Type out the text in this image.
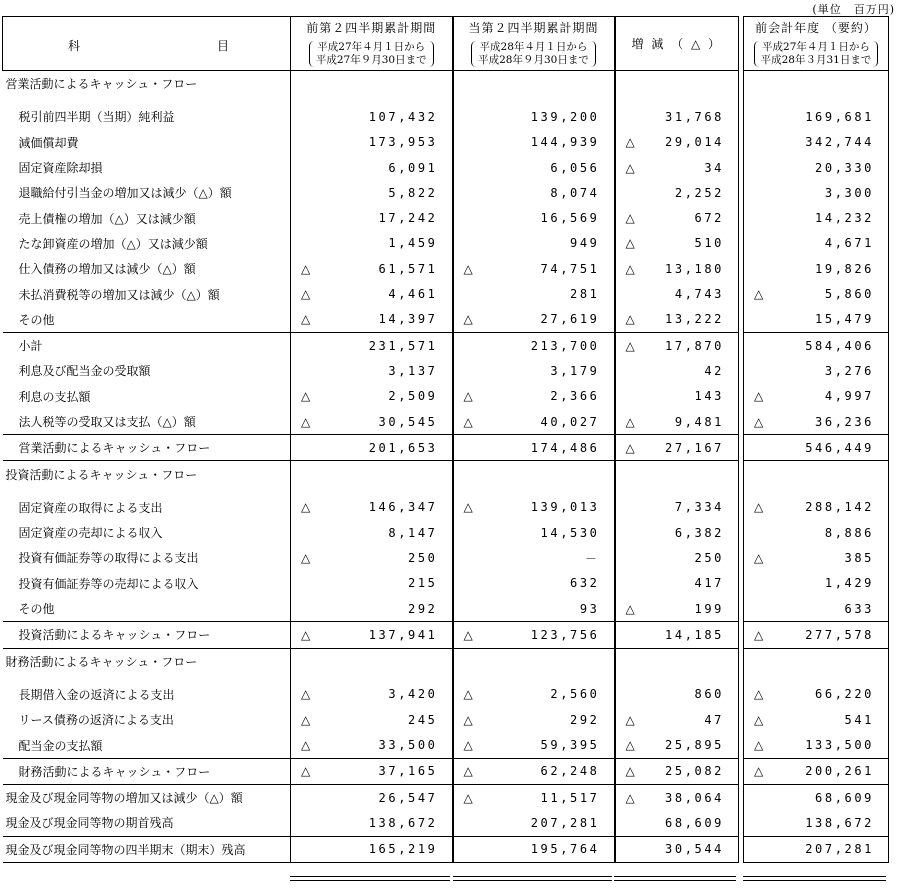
(単位　百万円)
科 目	前第２四半期累計期間
平成27年４月１日から
平成27年９月30日まで	当第２四半期累計期間
平成28年４月１日から
平成28年９月30日まで	増 減 （ △ ）		前会計年度 （要約）
平成27年４月１日から
平成28年３月31日まで
営業活動によるキャッシュ・フロー					

税引前四半期（当期）純利益	107,432	139,200	31,768		169,681

減価償却費	173,953	144,939	△ 29,014		342,744

固定資産除却損	6,091	6,056	△ 34		20,330

退職給付引当金の増加又は減少（△）額	5,822	8,074	2,252		3,300

売上債権の増加（△）又は減少額	17,242	16,569	△ 672		14,232

たな卸資産の増加（△）又は減少額	1,459	949	△ 510		4,671

仕入債務の増加又は減少（△）額	△ 61,571	△ 74,751	△ 13,180		19,826

未払消費税等の増加又は減少（△）額	△ 4,461	281	4,743		△ 5,860

その他	△ 14,397	△ 27,619	△ 13,222		15,479

小計	231,571	213,700	△ 17,870		584,406

利息及び配当金の受取額	3,137	3,179	42		3,276

利息の支払額	△ 2,509	△ 2,366	143		△ 4,997

法人税等の受取又は支払（△）額	△ 30,545	△ 40,027	△ 9,481		△ 36,236

営業活動によるキャッシュ・フロー	201,653	174,486	△ 27,167		546,449

投資活動によるキャッシュ・フロー					

固定資産の取得による支出	△ 146,347	△ 139,013	7,334		△ 288,142

固定資産の売却による収入	8,147	14,530	6,382		8,886

投資有価証券等の取得による支出	△ 250	－	250		△ 385

投資有価証券等の売却による収入	215	632	417		1,429

その他	292	93	△ 199		633

投資活動によるキャッシュ・フロー	△ 137,941	△ 123,756	14,185		△ 277,578

財務活動によるキャッシュ・フロー					

長期借入金の返済による支出	△ 3,420	△ 2,560	860		△ 66,220

リース債務の返済による支出	△ 245	△ 292	△ 47		△ 541

配当金の支払額	△ 33,500	△ 59,395	△ 25,895		△ 133,500

財務活動によるキャッシュ・フロー	△ 37,165	△ 62,248	△ 25,082		△ 200,261

現金及び現金同等物の増加又は減少（△）額	26,547	△ 11,517	△ 38,064		68,609

現金及び現金同等物の期首残高	138,672	207,281	68,609		138,672

現金及び現金同等物の四半期末（期末）残高	165,219	195,764	30,544		207,281
